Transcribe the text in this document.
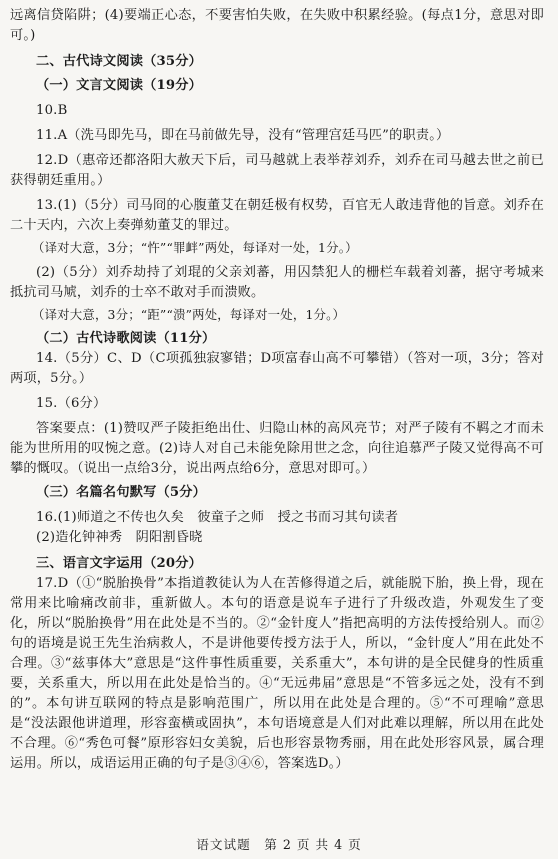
远离信贷陷阱；(4)要端正心态，不要害怕失败，在失败中积累经验。(每点1分，意思对即可。)

二、古代诗文阅读（35分）

（一）文言文阅读（19分）

10.B

11.A（洗马即先马，即在马前做先导，没有“管理宫廷马匹”的职责。）

12.D（惠帝还都洛阳大赦天下后，司马越就上表举荐刘乔，刘乔在司马越去世之前已获得朝廷重用。）

13.(1)（5分）司马冏的心腹董艾在朝廷极有权势，百官无人敢违背他的旨意。刘乔在二十天内，六次上奏弹劾董艾的罪过。

（译对大意，3分；“忤”“罪衅”两处，每译对一处，1分。）

(2)（5分）刘乔劫持了刘琨的父亲刘蕃，用囚禁犯人的栅栏车载着刘蕃，据守考城来抵抗司马虓，刘乔的士卒不敢对手而溃败。

（译对大意，3分；“距”“溃”两处，每译对一处，1分。）

（二）古代诗歌阅读（11分）

14.（5分）C、D（C项孤独寂寥错；D项富春山高不可攀错）（答对一项，3分；答对两项，5分。）

15.（6分）

答案要点：(1)赞叹严子陵拒绝出仕、归隐山林的高风亮节；对严子陵有不羁之才而未能为世所用的叹惋之意。(2)诗人对自己未能免除用世之念，向往追慕严子陵又觉得高不可攀的慨叹。（说出一点给3分，说出两点给6分，意思对即可。）

（三）名篇名句默写（5分）

16.(1)师道之不传也久矣　彼童子之师　授之书而习其句读者

(2)造化钟神秀　阴阳割昏晓

三、语言文字运用（20分）

17.D（①“脱胎换骨”本指道教徒认为人在苦修得道之后，就能脱下胎，换上骨，现在常用来比喻痛改前非，重新做人。本句的语意是说车子进行了升级改造，外观发生了变化，所以“脱胎换骨”用在此处是不当的。②“金针度人”指把高明的方法传授给别人。而②句的语境是说王先生治病救人，不是讲他要传授方法于人，所以，“金针度人”用在此处不合理。③“兹事体大”意思是“这件事性质重要，关系重大”，本句讲的是全民健身的性质重要，关系重大，所以用在此处是恰当的。④“无远弗届”意思是“不管多远之处，没有不到的”。本句讲互联网的特点是影响范围广，所以用在此处是合理的。⑤“不可理喻”意思是“没法跟他讲道理，形容蛮横或固执”，本句语境意是人们对此难以理解，所以用在此处不合理。⑥“秀色可餐”原形容妇女美貌，后也形容景物秀丽，用在此处形容风景，属合理运用。所以，成语运用正确的句子是③④⑥，答案选D。）

语文试题　第 2 页 共 4 页
